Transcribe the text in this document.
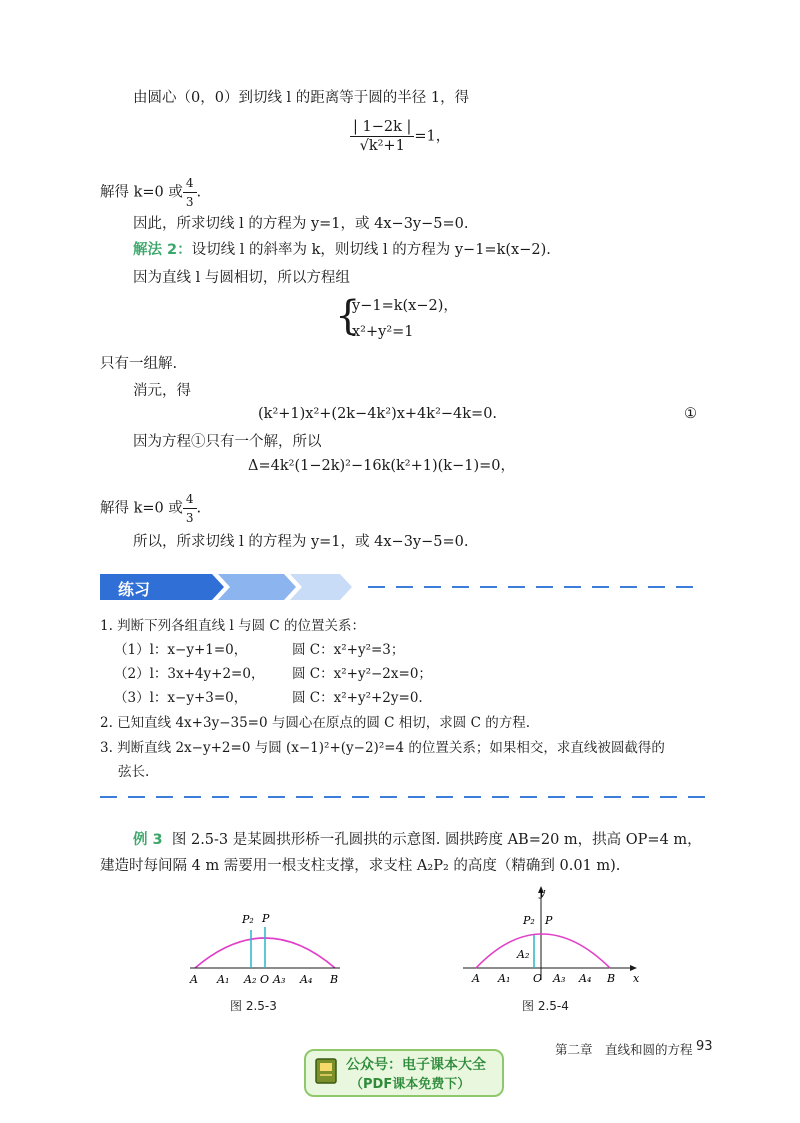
由圆心（0，0）到切线 l 的距离等于圆的半径 1，得
$\frac{| 1-2k |}{\text{√k²+1}} =1$，
解得 k=0 或 $\frac{4}{3}$ .
因此，所求切线 l 的方程为 y=1，或 4x−3y−5=0.
解法 2：设切线 l 的斜率为 k，则切线 l 的方程为 y−1=k(x−2).
因为直线 l 与圆相切，所以方程组
{
y−1=k(x−2)，
x²+y²=1
只有一组解.
消元，得
(k²+1)x²+(2k−4k²)x+4k²−4k=0.	①
因为方程①只有一个解，所以
Δ=4k²(1−2k)²−16k(k²+1)(k−1)=0，
解得 k=0 或 $\frac{4}{3}$ .
所以，所求切线 l 的方程为 y=1，或 4x−3y−5=0.
练习
1. 判断下列各组直线 l 与圆 C 的位置关系：
（1）l：x−y+1=0，	圆 C：x²+y²=3；
（2）l：3x+4y+2=0， 圆 C：x²+y²−2x=0；
（3）l：x−y+3=0，	圆 C：x²+y²+2y=0.
2. 已知直线 4x+3y−35=0 与圆心在原点的圆 C 相切，求圆 C 的方程.
3. 判断直线 2x−y+2=0 与圆 (x−1)²+(y−2)²=4 的位置关系；如果相交，求直线被圆截得的
弦长.
例 3 图 2.5-3 是某圆拱形桥一孔圆拱的示意图. 圆拱跨度 AB=20 m，拱高 OP=4 m，
建造时每间隔 4 m 需要用一根支柱支撑，求支柱 A₂P₂ 的高度（精确到 0.01 m).
A A₁ A₂ O A₃ A₄ B
P₂ P
图 2.5-3
y
x
A A₁
A₂
O A₃ A₄ B
P₂ P
图 2.5-4
第二章　直线和圆的方程 93
公众号：电子课本大全
（PDF课本免费下）
